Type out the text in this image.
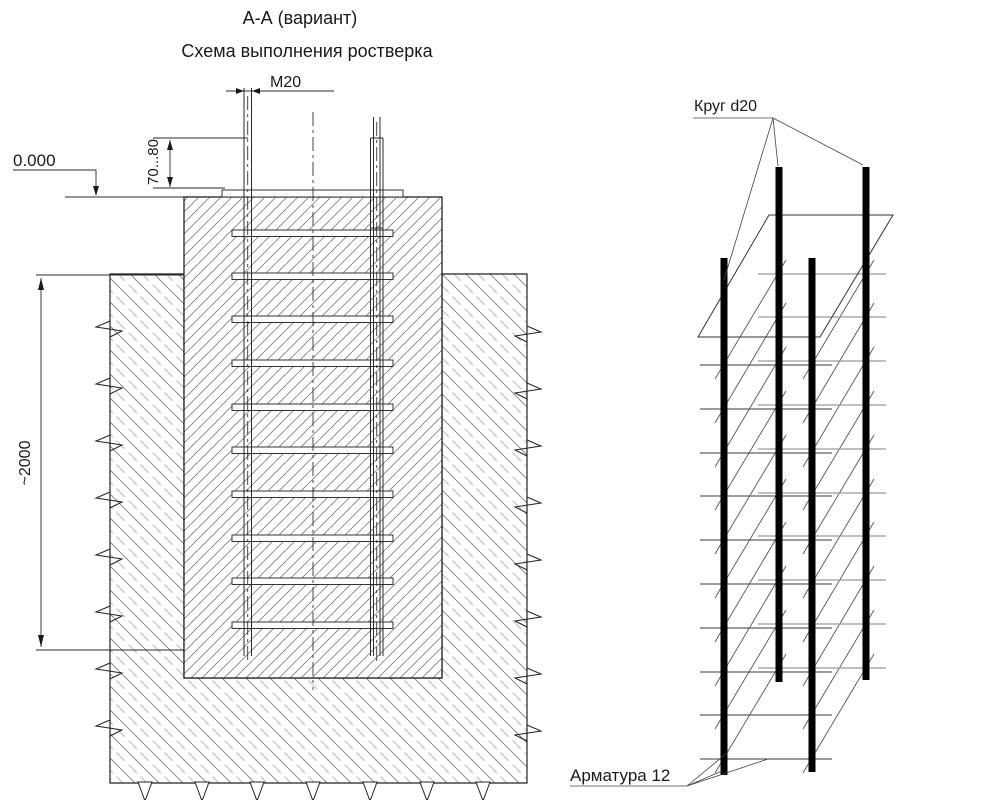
М20
70...80
0.000
~2000
Круг d20
Арматура 12
А-А (вариант)
Схема выполнения ростверка
